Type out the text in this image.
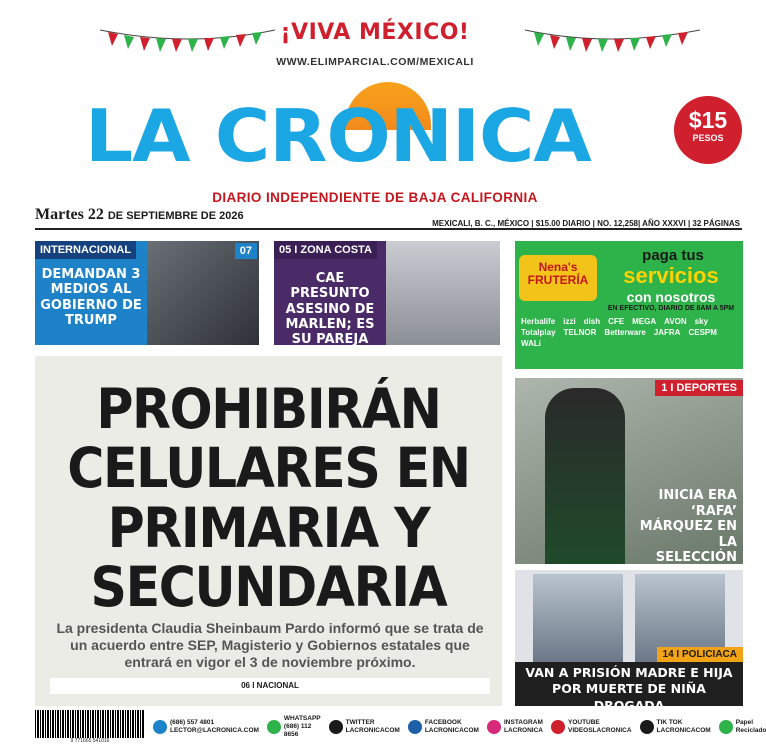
¡VIVA MÉXICO!
WWW.ELIMPARCIAL.COM/MEXICALI
LA CRONICA	$15
PESOS
DIARIO INDEPENDIENTE DE BAJA CALIFORNIA
Martes 22 DE SEPTIEMBRE DE 2026
MEXICALI, B. C., MÉXICO | $15.00 DIARIO | NO. 12,258| AÑO XXXVI | 32 PÁGINAS
INTERNACIONAL
DEMANDAN 3 MEDIOS AL GOBIERNO DE TRUMP
07	05 I ZONA COSTA
CAE PRESUNTO ASESINO DE MARLEN; ES SU PAREJA
Nena's FRUTERÍA
paga tus
servicios
con nosotros
EN EFECTIVO, DIARIO DE 8AM A 5PM
Herbalife izzi dish CFE MEGA AVON sky
Totalplay TELNOR Betterware JAFRA CESPM
WALi
PROHIBIRÁN CELULARES EN PRIMARIA Y SECUNDARIA
La presidenta Claudia Sheinbaum Pardo informó que se trata de un acuerdo entre SEP, Magisterio y Gobiernos estatales que entrará en vigor el 3 de noviembre próximo.
06 I NACIONAL
1 I DEPORTES
INICIA ERA ‘RAFA’ MÁRQUEZ EN LA SELECCIÓN
14 I POLICIACA
VAN A PRISIÓN MADRE E HIJA POR MUERTE DE NIÑA DROGADA
9 771665 541016
(686) 557 4801
LECTOR@LACRONICA.COM
WHATSAPP
(686) 112 8656
TWITTER
LACRONICACOM
FACEBOOK
LACRONICACOM
INSTAGRAM
LACRONICA
YOUTUBE
VIDEOSLACRONICA
TIK TOK
LACRONICACOM
Papel
Reciclado
